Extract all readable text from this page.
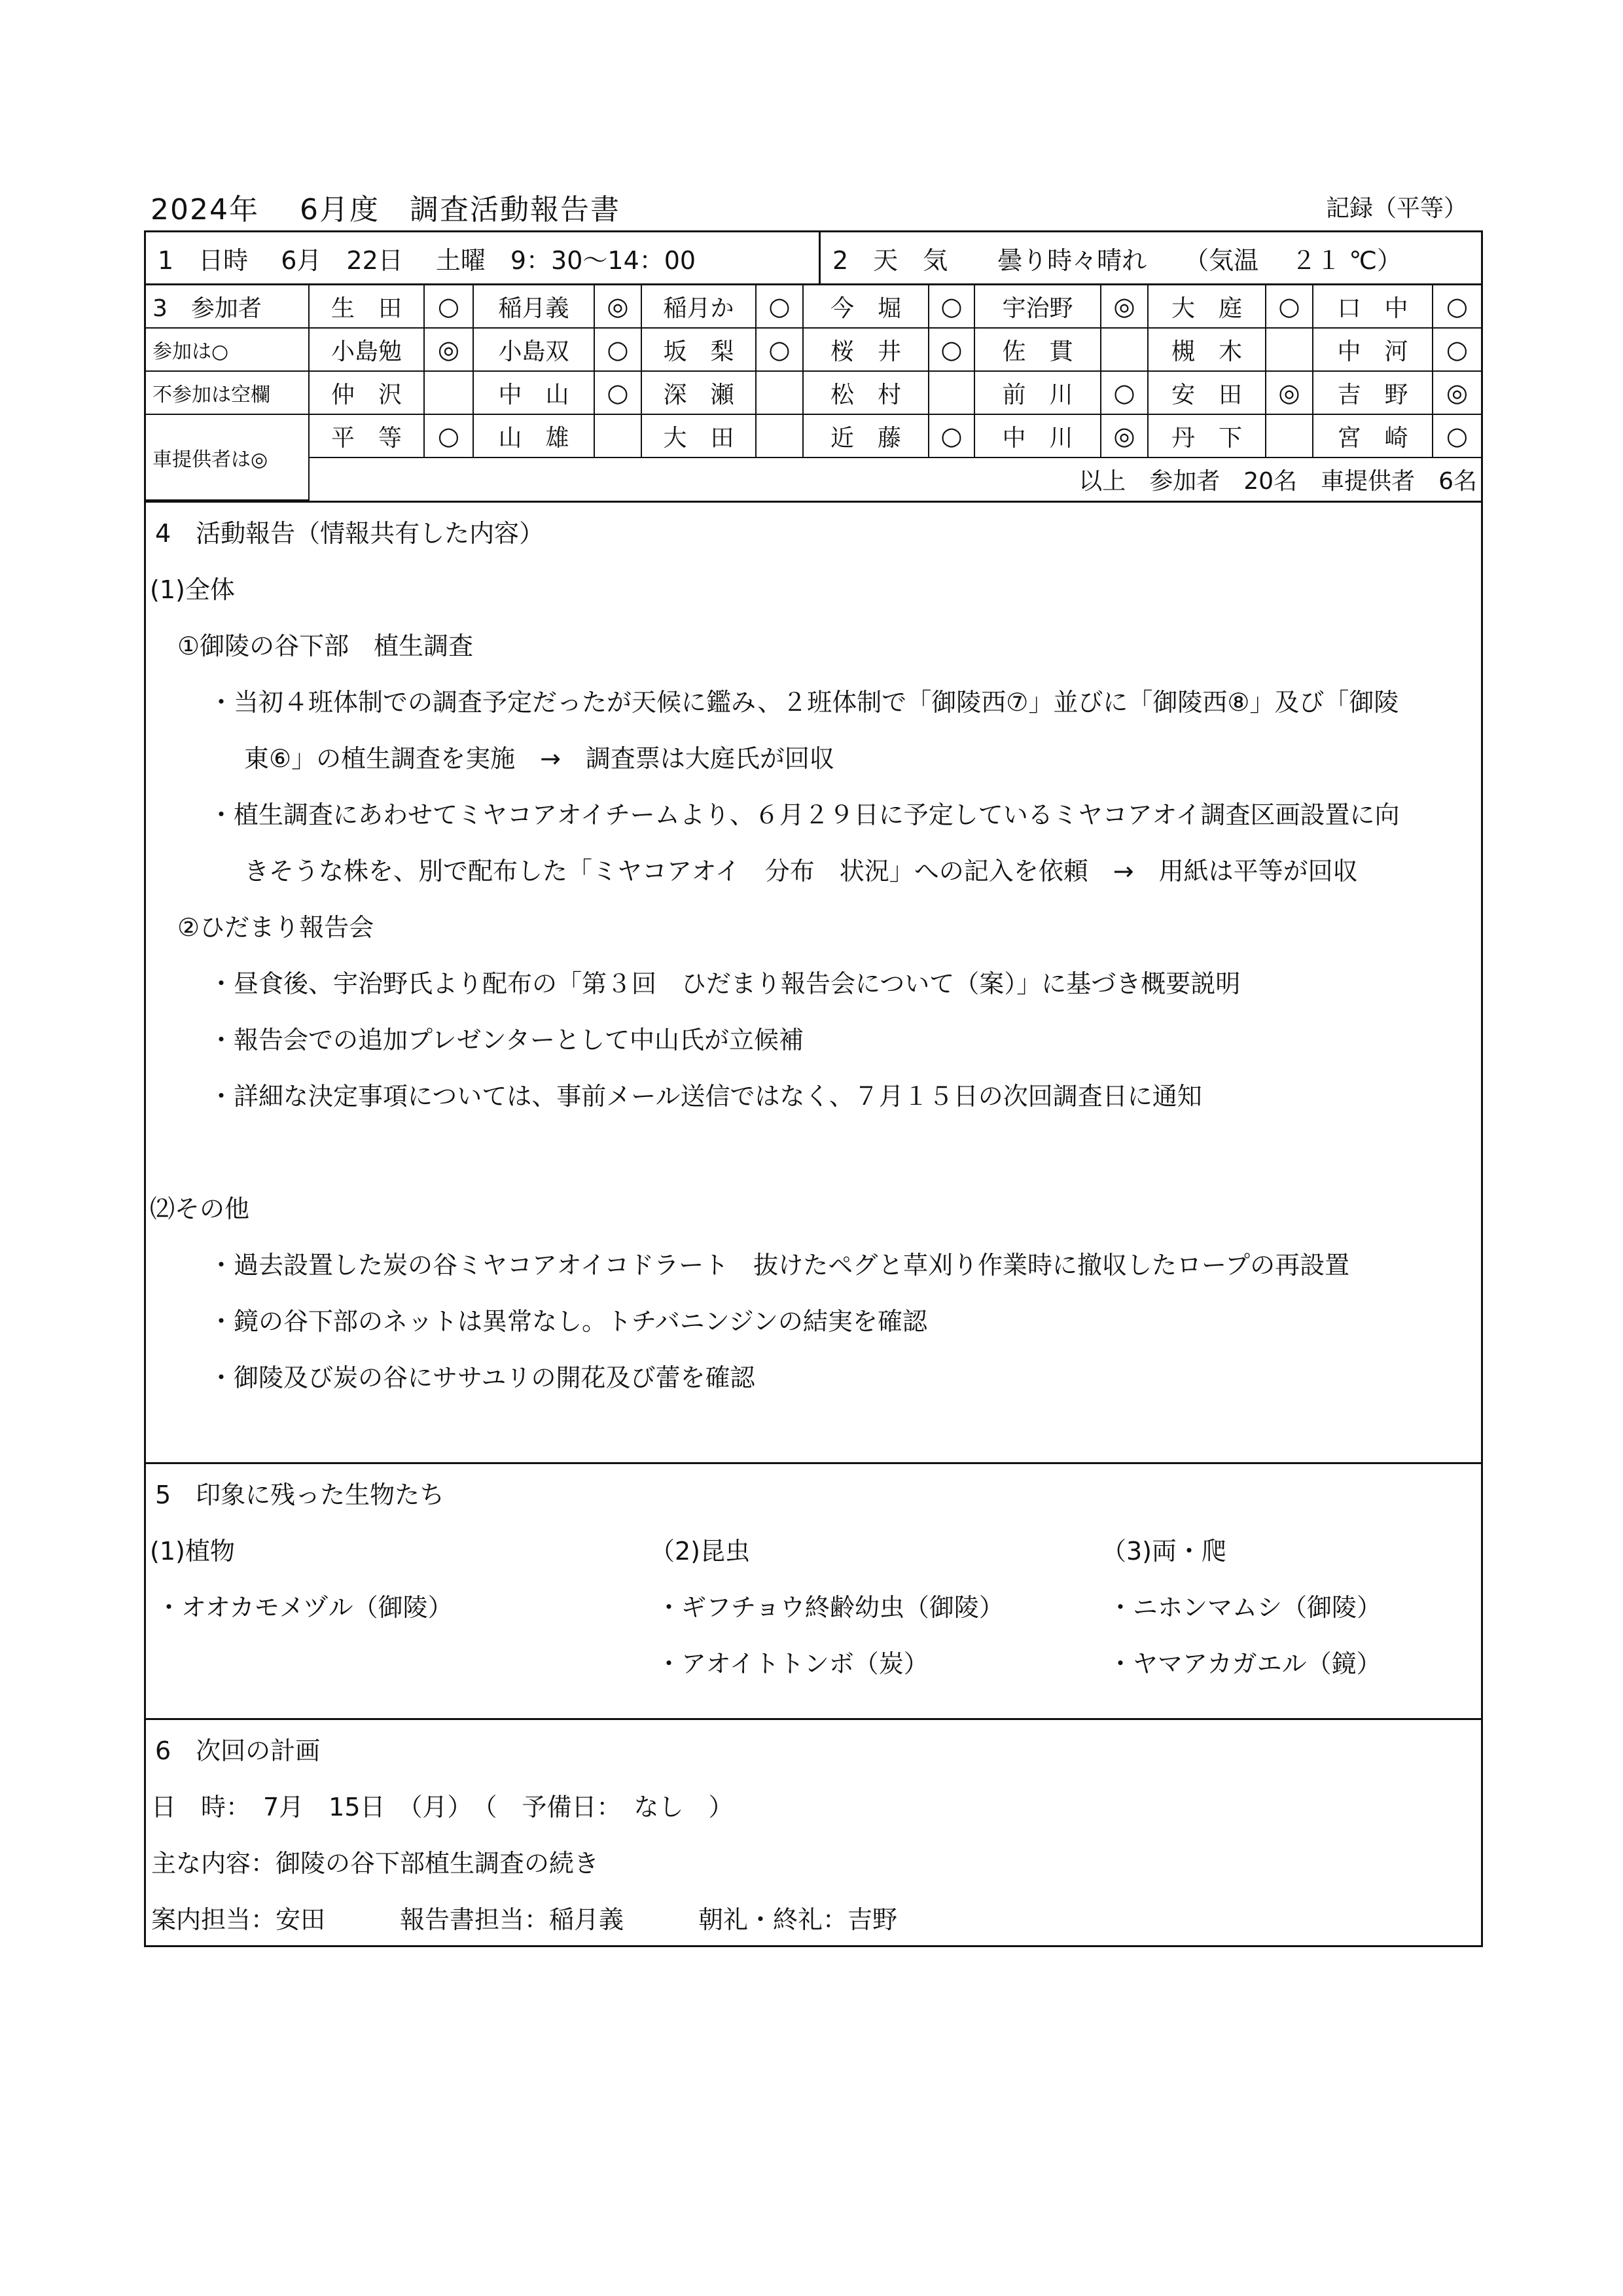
2024年　 6月度　調査活動報告書	記録（平等）
1　日時　 6月　22日　 土曜　9：30〜14：00	2　天　気　　曇り時々晴れ　　（気温　 ２１ ℃）
3　参加者	生　田	○	稲月義	◎	稲月か	○	今　堀	○	宇治野	◎	大　庭	○	口　中	○
参加は○	小島勉	◎	小島双	○	坂　梨	○	桜　井	○	佐　貫		槻　木		中　河	○
不参加は空欄	仲　沢		中　山	○	深　瀬		松　村		前　川	○	安　田	◎	吉　野	◎
車提供者は◎	平　等	○	山　雄		大　田		近　藤	○	中　川	◎	丹　下		宮　崎	○
	以上　参加者　20名　車提供者　6名													
4　活動報告（情報共有した内容）
(1)全体
①御陵の谷下部　植生調査
・当初４班体制での調査予定だったが天候に鑑み、２班体制で「御陵西⑦」並びに「御陵西⑧」及び「御陵
東⑥」の植生調査を実施　→　調査票は大庭氏が回収
・植生調査にあわせてミヤコアオイチームより、６月２９日に予定しているミヤコアオイ調査区画設置に向
きそうな株を、別で配布した「ミヤコアオイ　分布　状況」への記入を依頼　→　用紙は平等が回収
②ひだまり報告会
・昼食後、宇治野氏より配布の「第３回　ひだまり報告会について（案）」に基づき概要説明
・報告会での追加プレゼンターとして中山氏が立候補
・詳細な決定事項については、事前メール送信ではなく、７月１５日の次回調査日に通知
⑵その他
・過去設置した炭の谷ミヤコアオイコドラート　抜けたペグと草刈り作業時に撤収したロープの再設置
・鏡の谷下部のネットは異常なし。トチバニンジンの結実を確認
・御陵及び炭の谷にササユリの開花及び蕾を確認
5　印象に残った生物たち
(1)植物
・オオカモメヅル（御陵）
（2)昆虫
・ギフチョウ終齢幼虫（御陵）
・アオイトトンボ（炭）
（3)両・爬
・ニホンマムシ（御陵）
・ヤマアカガエル（鏡）
6　次回の計画
日　時：　7月　15日　（月）　（　予備日：　なし　）
主な内容：御陵の谷下部植生調査の続き
案内担当：安田　　　報告書担当：稲月義　　　朝礼・終礼：吉野
